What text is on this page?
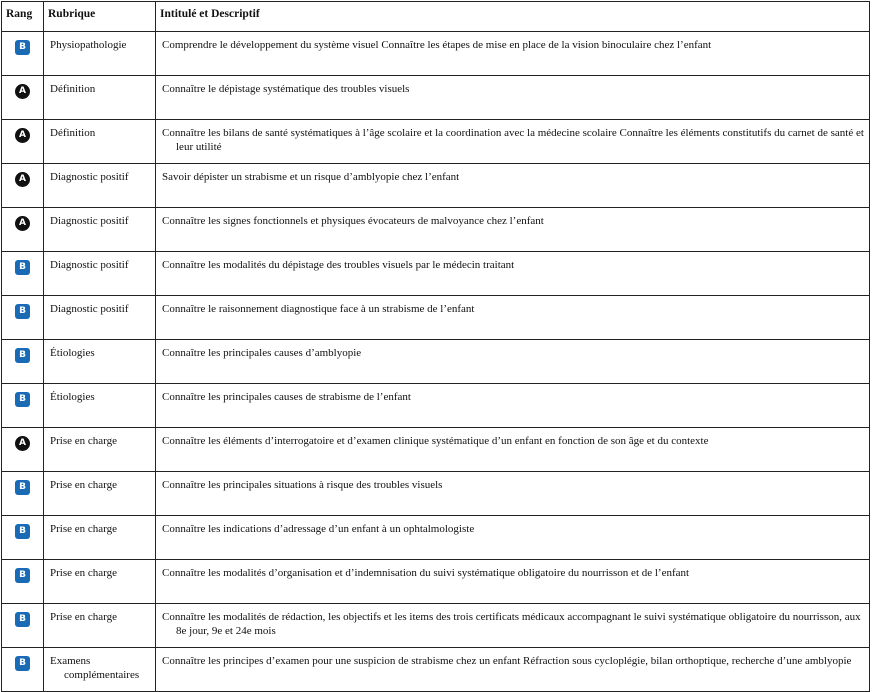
Rang	Rubrique	Intitulé et Descriptif
B	Physiopathologie	Comprendre le développement du système visuel Connaître les étapes de mise en place de la vision binoculaire chez l’enfant

A	Définition	Connaître le dépistage systématique des troubles visuels

A	Définition	Connaître les bilans de santé systématiques à l’âge scolaire et la coordination avec la médecine scolaire Connaître les éléments constitutifs du carnet de santé et leur utilité

A	Diagnostic positif	Savoir dépister un strabisme et un risque d’amblyopie chez l’enfant

A	Diagnostic positif	Connaître les signes fonctionnels et physiques évocateurs de malvoyance chez l’enfant

B	Diagnostic positif	Connaître les modalités du dépistage des troubles visuels par le médecin traitant

B	Diagnostic positif	Connaître le raisonnement diagnostique face à un strabisme de l’enfant

B	Étiologies	Connaître les principales causes d’amblyopie

B	Étiologies	Connaître les principales causes de strabisme de l’enfant

A	Prise en charge	Connaître les éléments d’interrogatoire et d’examen clinique systématique d’un enfant en fonction de son âge et du contexte

B	Prise en charge	Connaître les principales situations à risque des troubles visuels

B	Prise en charge	Connaître les indications d’adressage d’un enfant à un ophtalmologiste

B	Prise en charge	Connaître les modalités d’organisation et d’indemnisation du suivi systématique obligatoire du nourrisson et de l’enfant

B	Prise en charge	Connaître les modalités de rédaction, les objectifs et les items des trois certificats médicaux accompagnant le suivi systématique obligatoire du nourrisson, aux 8e jour, 9e et 24e mois

B	Examens complémentaires	Connaître les principes d’examen pour une suspicion de strabisme chez un enfant Réfraction sous cycloplégie, bilan orthoptique, recherche d’une amblyopie
